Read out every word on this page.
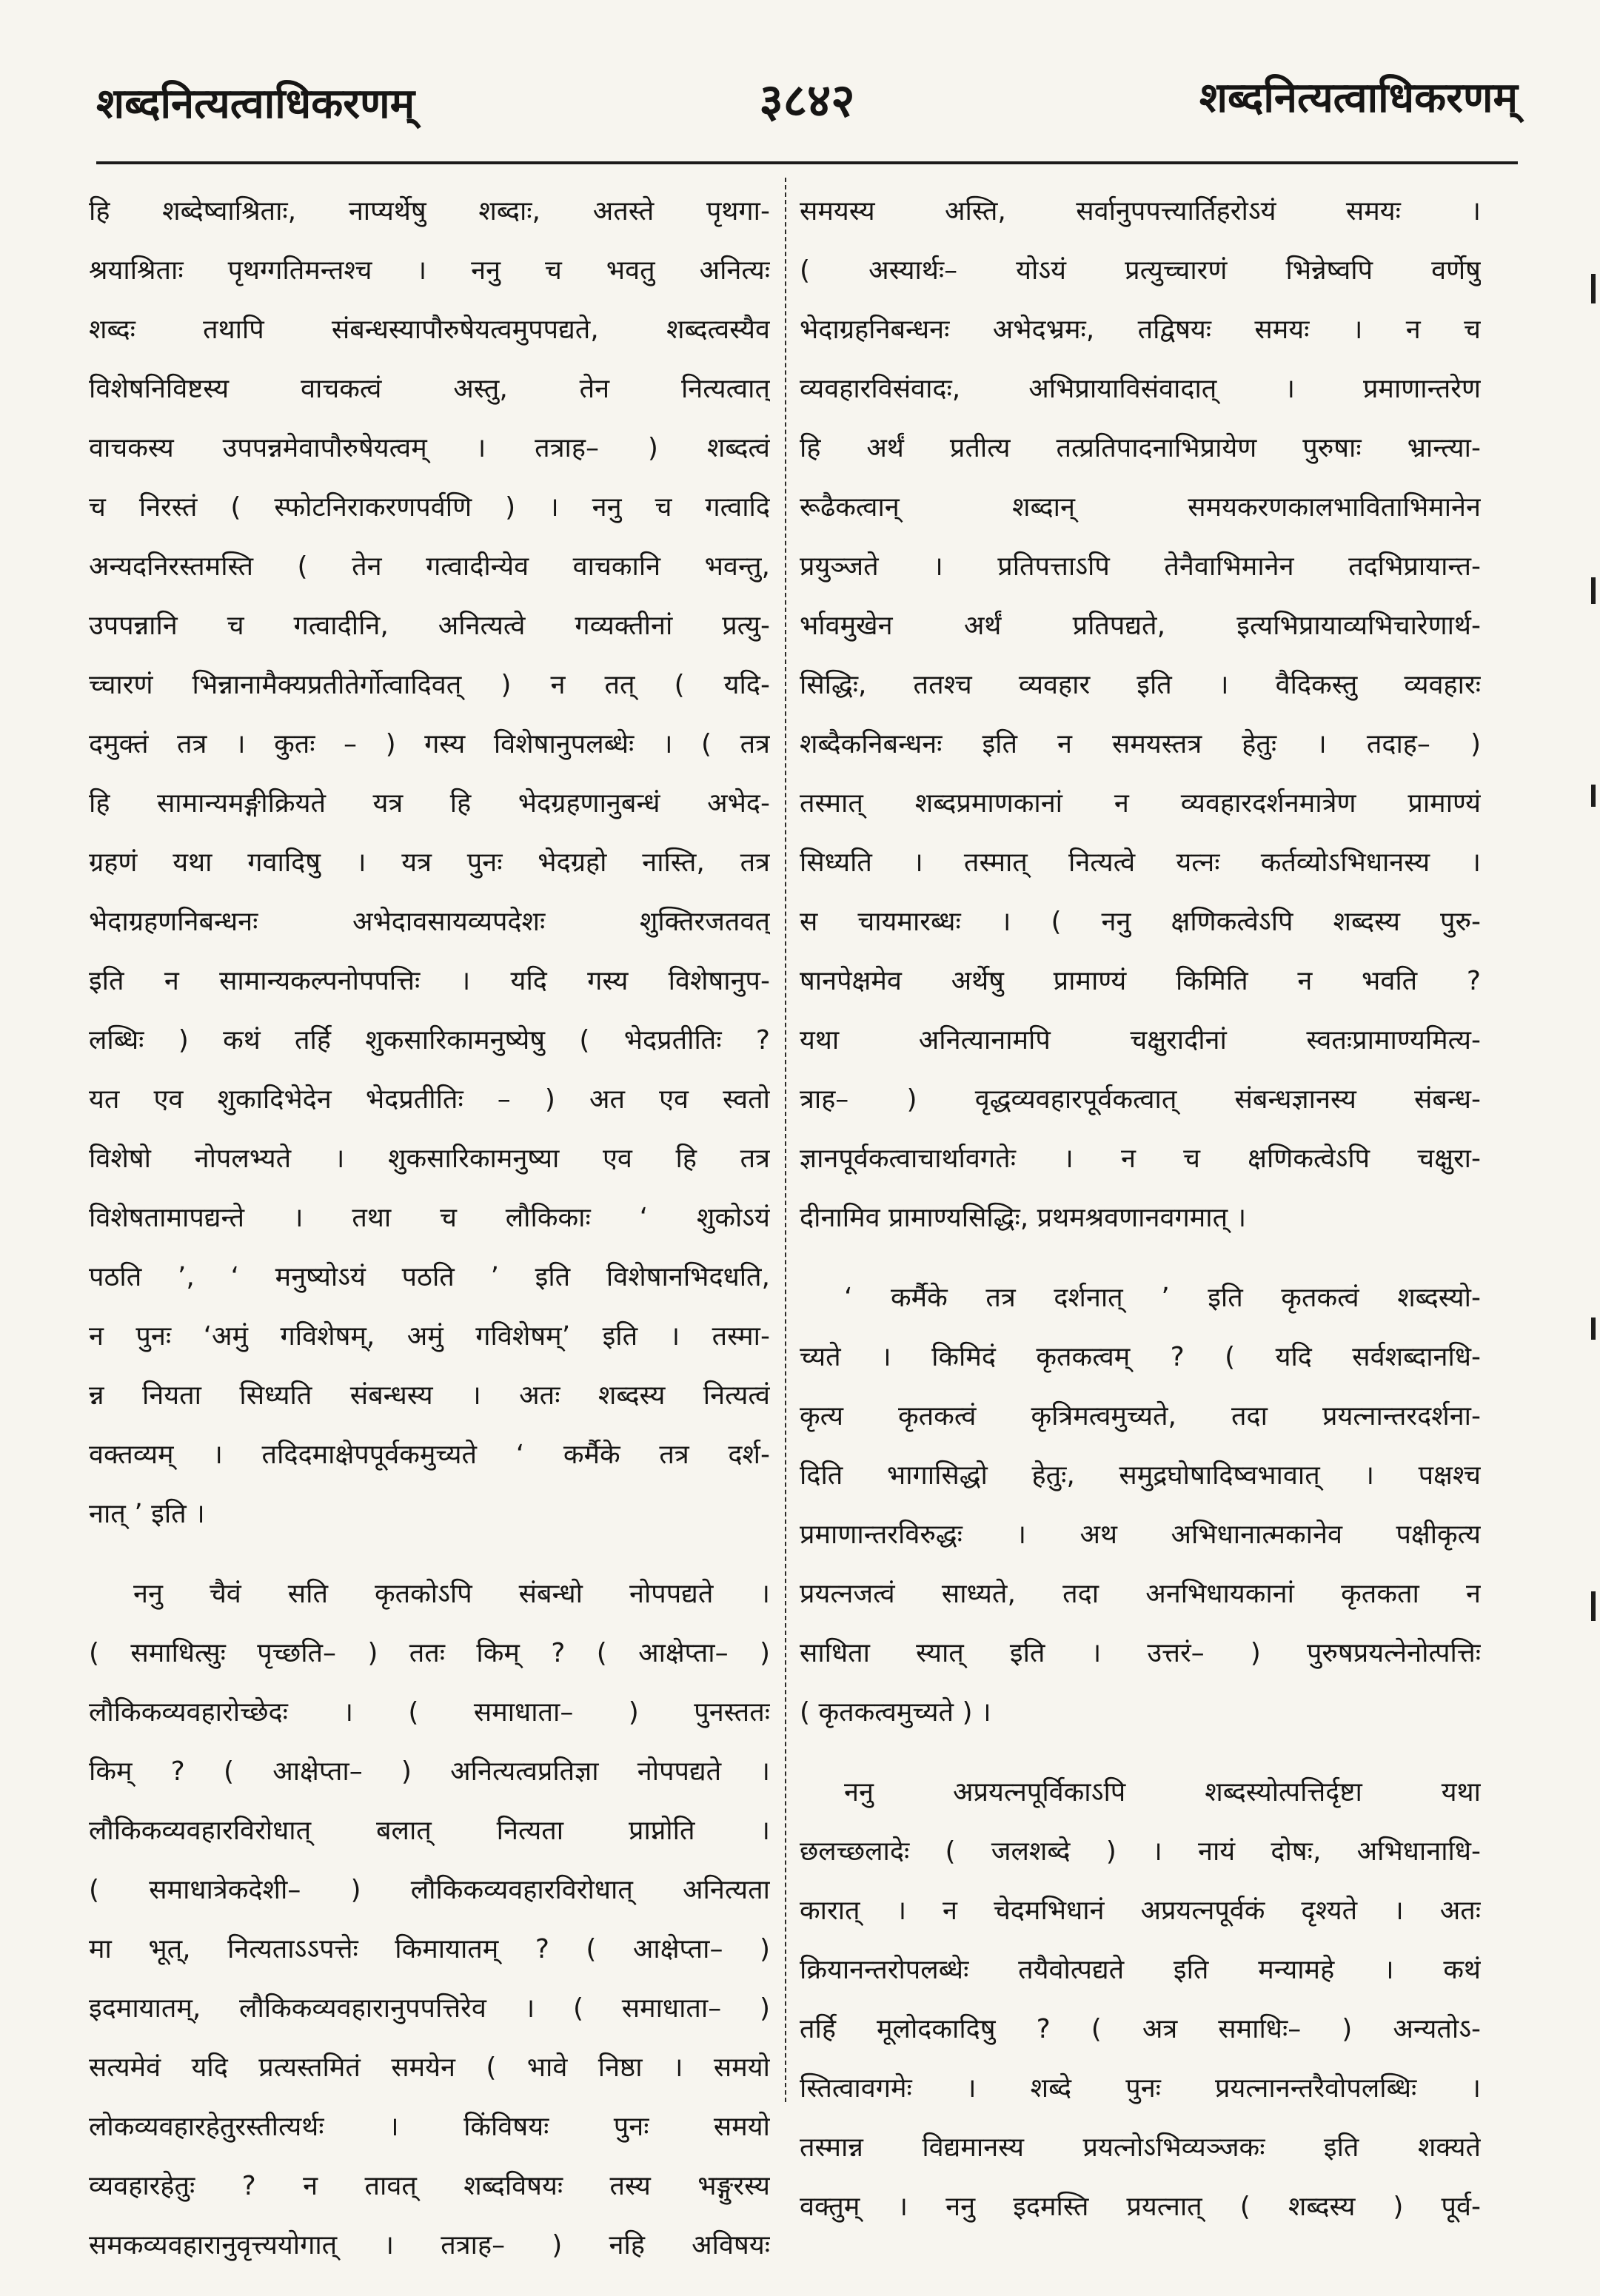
३८४२
शब्दनित्यत्वाधिकरणम्	शब्दनित्यत्वाधिकरणम्
हि शब्देष्वाश्रिताः, नाप्यर्थेषु शब्दाः, अतस्ते पृथगा-
श्रयाश्रिताः पृथग्गतिमन्तश्च । ननु च भवतु अनित्यः
शब्दः तथापि संबन्धस्यापौरुषेयत्वमुपपद्यते, शब्दत्वस्यैव
विशेषनिविष्टस्य वाचकत्वं अस्तु, तेन नित्यत्वात्
वाचकस्य उपपन्नमेवापौरुषेयत्वम् । तत्राह– ) शब्दत्वं
च निरस्तं ( स्फोटनिराकरणपर्वणि ) । ननु च गत्वादि
अन्यदनिरस्तमस्ति ( तेन गत्वादीन्येव वाचकानि भवन्तु,
उपपन्नानि च गत्वादीनि, अनित्यत्वे गव्यक्तीनां प्रत्यु-
च्चारणं भिन्नानामैक्यप्रतीतेर्गोत्वादिवत् ) न तत् ( यदि-
दमुक्तं तत्र । कुतः – ) गस्य विशेषानुपलब्धेः । ( तत्र
हि सामान्यमङ्गीक्रियते यत्र हि भेदग्रहणानुबन्धं अभेद-
ग्रहणं यथा गवादिषु । यत्र पुनः भेदग्रहो नास्ति, तत्र
भेदाग्रहणनिबन्धनः अभेदावसायव्यपदेशः शुक्तिरजतवत्
इति न सामान्यकल्पनोपपत्तिः । यदि गस्य विशेषानुप-
लब्धिः ) कथं तर्हि शुकसारिकामनुष्येषु ( भेदप्रतीतिः ?
यत एव शुकादिभेदेन भेदप्रतीतिः – ) अत एव स्वतो
विशेषो नोपलभ्यते । शुकसारिकामनुष्या एव हि तत्र
विशेषतामापद्यन्ते । तथा च लौकिकाः ‘ शुकोऽयं
पठति ’, ‘ मनुष्योऽयं पठति ’ इति विशेषानभिदधति,
न पुनः ‘अमुं गविशेषम्, अमुं गविशेषम्’ इति । तस्मा-
न्न नियता सिध्यति संबन्धस्य । अतः शब्दस्य नित्यत्वं
वक्तव्यम् । तदिदमाक्षेपपूर्वकमुच्यते ‘ कर्मैके तत्र दर्श-
नात् ’ इति ।
ननु चैवं सति कृतकोऽपि संबन्धो नोपपद्यते ।
( समाधित्सुः पृच्छति– ) ततः किम् ? ( आक्षेप्ता– )
लौकिकव्यवहारोच्छेदः । ( समाधाता– ) पुनस्ततः
किम् ? ( आक्षेप्ता– ) अनित्यत्वप्रतिज्ञा नोपपद्यते ।
लौकिकव्यवहारविरोधात् बलात् नित्यता प्राप्नोति ।
( समाधात्रेकदेशी– ) लौकिकव्यवहारविरोधात् अनित्यता
मा भूत्, नित्यताऽऽपत्तेः किमायातम् ? ( आक्षेप्ता– )
इदमायातम्, लौकिकव्यवहारानुपपत्तिरेव । ( समाधाता– )
सत्यमेवं यदि प्रत्यस्तमितं समयेन ( भावे निष्ठा । समयो
लोकव्यवहारहेतुरस्तीत्यर्थः । किंविषयः पुनः समयो
व्यवहारहेतुः ? न तावत् शब्दविषयः तस्य भङ्गुरस्य
समकव्यवहारानुवृत्त्ययोगात् । तत्राह– ) नहि अविषयः
समयस्य अस्ति, सर्वानुपपत्त्यार्तिहरोऽयं समयः ।
( अस्यार्थः– योऽयं प्रत्युच्चारणं भिन्नेष्वपि वर्णेषु
भेदाग्रहनिबन्धनः अभेदभ्रमः, तद्विषयः समयः । न च
व्यवहारविसंवादः, अभिप्रायाविसंवादात् । प्रमाणान्तरेण
हि अर्थं प्रतीत्य तत्प्रतिपादनाभिप्रायेण पुरुषाः भ्रान्त्या-
रूढैकत्वान् शब्दान् समयकरणकालभाविताभिमानेन
प्रयुञ्जते । प्रतिपत्ताऽपि तेनैवाभिमानेन तदभिप्रायान्त-
र्भावमुखेन अर्थं प्रतिपद्यते, इत्यभिप्रायाव्यभिचारेणार्थ-
सिद्धिः, ततश्च व्यवहार इति । वैदिकस्तु व्यवहारः
शब्दैकनिबन्धनः इति न समयस्तत्र हेतुः । तदाह– )
तस्मात् शब्दप्रमाणकानां न व्यवहारदर्शनमात्रेण प्रामाण्यं
सिध्यति । तस्मात् नित्यत्वे यत्नः कर्तव्योऽभिधानस्य ।
स चायमारब्धः । ( ननु क्षणिकत्वेऽपि शब्दस्य पुरु-
षानपेक्षमेव अर्थेषु प्रामाण्यं किमिति न भवति ?
यथा अनित्यानामपि चक्षुरादीनां स्वतःप्रामाण्यमित्य-
त्राह– ) वृद्धव्यवहारपूर्वकत्वात् संबन्धज्ञानस्य संबन्ध-
ज्ञानपूर्वकत्वाचार्थावगतेः । न च क्षणिकत्वेऽपि चक्षुरा-
दीनामिव प्रामाण्यसिद्धिः, प्रथमश्रवणानवगमात् ।
‘ कर्मैके तत्र दर्शनात् ’ इति कृतकत्वं शब्दस्यो-
च्यते । किमिदं कृतकत्वम् ? ( यदि सर्वशब्दानधि-
कृत्य कृतकत्वं कृत्रिमत्वमुच्यते, तदा प्रयत्नान्तरदर्शना-
दिति भागासिद्धो हेतुः, समुद्रघोषादिष्वभावात् । पक्षश्च
प्रमाणान्तरविरुद्धः । अथ अभिधानात्मकानेव पक्षीकृत्य
प्रयत्नजत्वं साध्यते, तदा अनभिधायकानां कृतकता न
साधिता स्यात् इति । उत्तरं– ) पुरुषप्रयत्नेनोत्पत्तिः
( कृतकत्वमुच्यते ) ।
ननु अप्रयत्नपूर्विकाऽपि शब्दस्योत्पत्तिर्दृष्टा यथा
छलच्छलादेः ( जलशब्दे ) । नायं दोषः, अभिधानाधि-
कारात् । न चेदमभिधानं अप्रयत्नपूर्वकं दृश्यते । अतः
क्रियानन्तरोपलब्धेः तयैवोत्पद्यते इति मन्यामहे । कथं
तर्हि मूलोदकादिषु ? ( अत्र समाधिः– ) अन्यतोऽ-
स्तित्वावगमेः । शब्दे पुनः प्रयत्नानन्तरैवोपलब्धिः ।
तस्मान्न विद्यमानस्य प्रयत्नोऽभिव्यञ्जकः इति शक्यते
वक्तुम् । ननु इदमस्ति प्रयत्नात् ( शब्दस्य ) पूर्व-
